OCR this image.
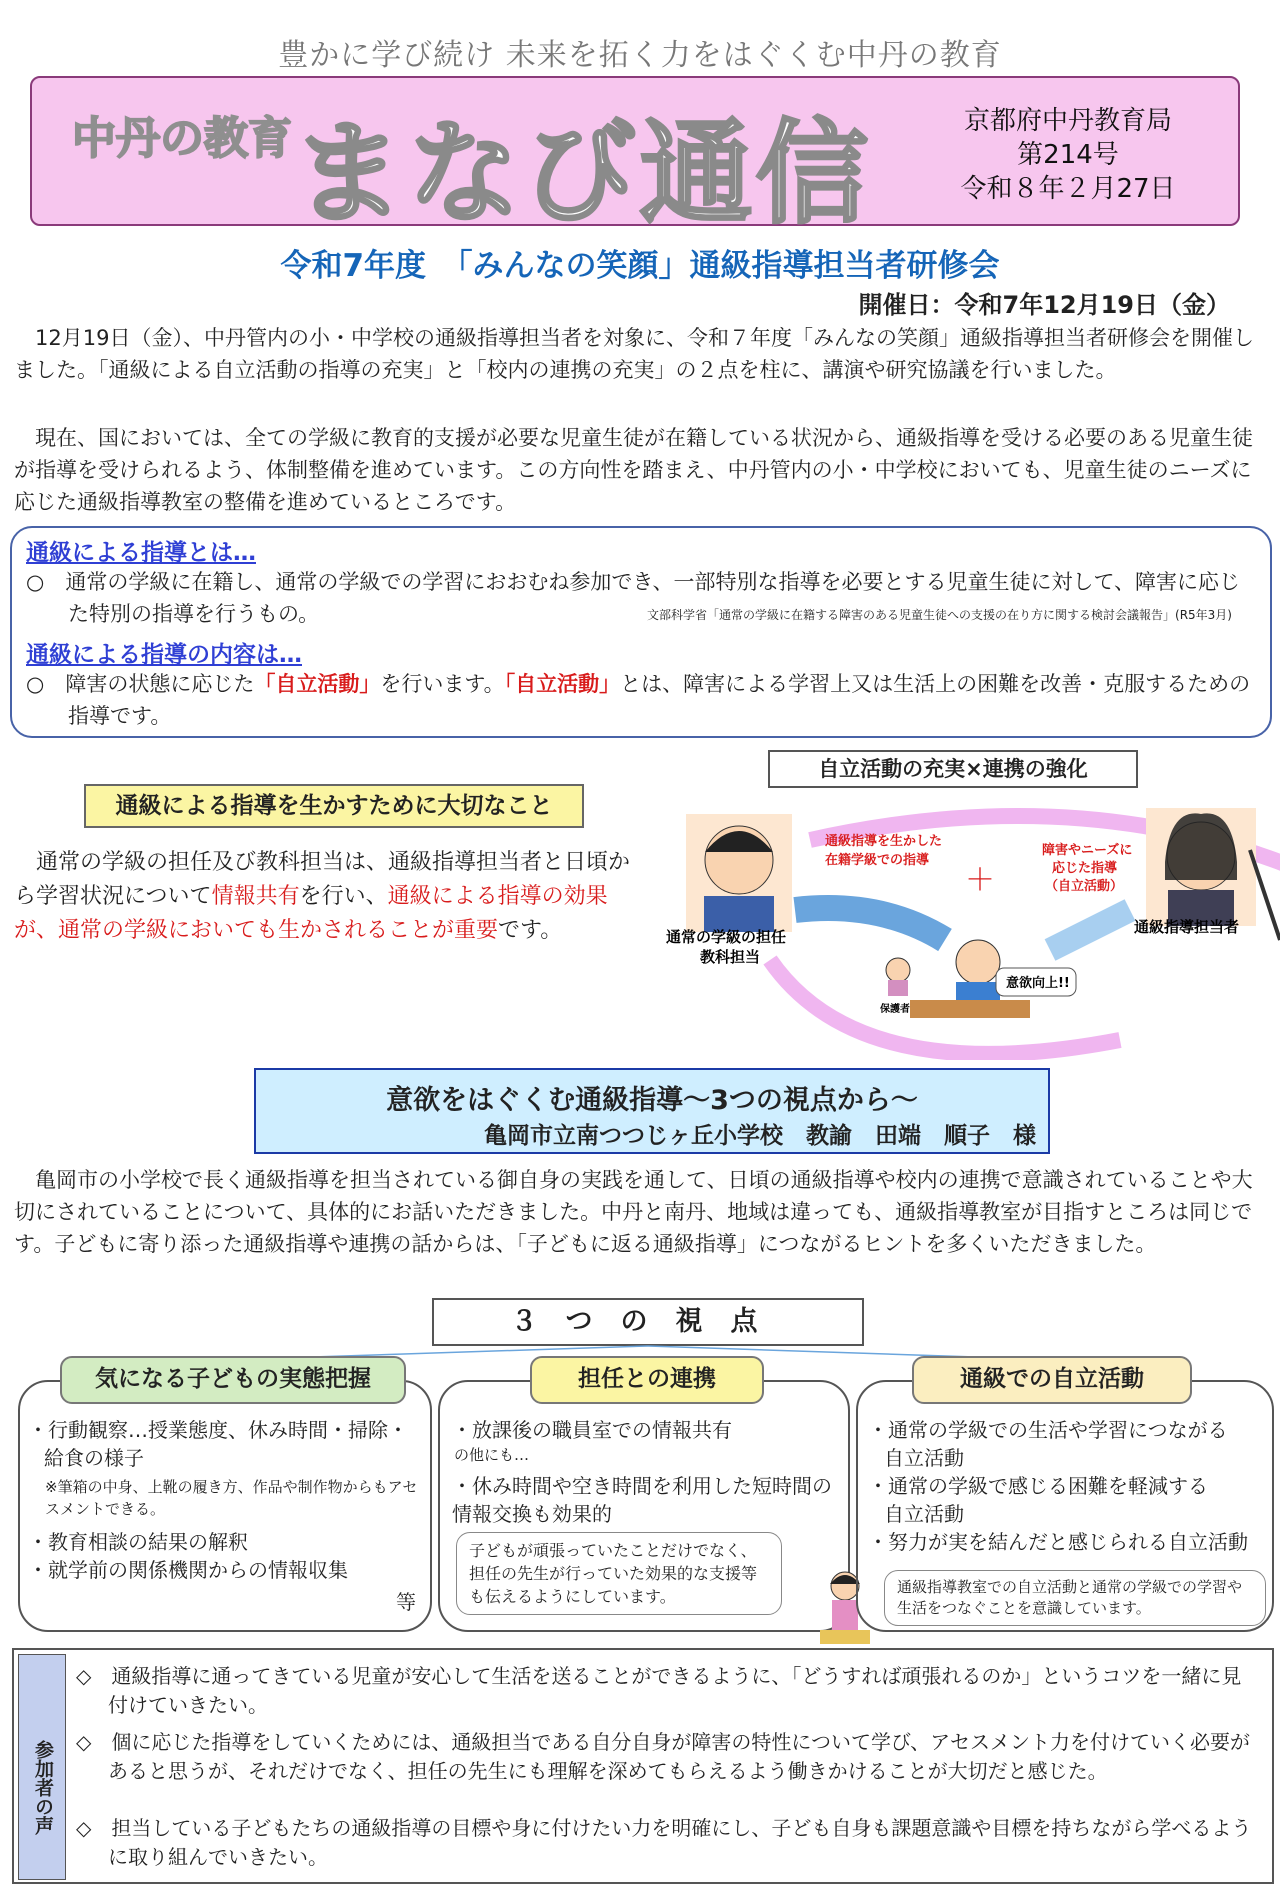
豊かに学び続け 未来を拓く力をはぐくむ中丹の教育
中丹の教育 まなび通信	京都府中丹教育局
第214号
令和８年２月27日
令和7年度　「みんなの笑顔」通級指導担当者研修会
開催日：令和7年12月19日（金）
12月19日（金）、中丹管内の小・中学校の通級指導担当者を対象に、令和７年度「みんなの笑顔」通級指導担当者研修会を開催しました。「通級による自立活動の指導の充実」と「校内の連携の充実」の２点を柱に、講演や研究協議を行いました。
現在、国においては、全ての学級に教育的支援が必要な児童生徒が在籍している状況から、通級指導を受ける必要のある児童生徒が指導を受けられるよう、体制整備を進めています。この方向性を踏まえ、中丹管内の小・中学校においても、児童生徒のニーズに応じた通級指導教室の整備を進めているところです。
通級による指導とは…
○　通常の学級に在籍し、通常の学級での学習におおむね参加でき、一部特別な指導を必要とする児童生徒に対して、障害に応じた特別の指導を行うもの。	文部科学省「通常の学級に在籍する障害のある児童生徒への支援の在り方に関する検討会議報告」(R5年3月)
通級による指導の内容は…
○　障害の状態に応じた「自立活動」を行います。「自立活動」とは、障害による学習上又は生活上の困難を改善・克服するための指導です。
通級による指導を生かすために大切なこと
通常の学級の担任及び教科担当は、通級指導担当者と日頃から学習状況について情報共有を行い、通級による指導の効果が、通常の学級においても生かされることが重要です。
自立活動の充実×連携の強化
通級指導を生かした
在籍学級での指導
＋
障害やニーズに
応じた指導
（自立活動）
通常の学級の担任
教科担当
通級指導担当者
保護者
意欲向上!!
意欲をはぐくむ通級指導～3つの視点から～
亀岡市立南つつじヶ丘小学校　教諭　田端　順子　様
亀岡市の小学校で長く通級指導を担当されている御自身の実践を通して、日頃の通級指導や校内の連携で意識されていることや大切にされていることについて、具体的にお話いただきました。中丹と南丹、地域は違っても、通級指導教室が目指すところは同じです。子どもに寄り添った通級指導や連携の話からは、「子どもに返る通級指導」につながるヒントを多くいただきました。
３つの視点
・行動観察…授業態度、休み時間・掃除・
給食の様子
※筆箱の中身、上靴の履き方、作品や制作物からもアセスメントできる。
・教育相談の結果の解釈
・就学前の関係機関からの情報収集
等
気になる子どもの実態把握
・放課後の職員室での情報共有
の他にも…
・休み時間や空き時間を利用した短時間の情報交換も効果的
子どもが頑張っていたことだけでなく、担任の先生が行っていた効果的な支援等も伝えるようにしています。
担任との連携
・通常の学級での生活や学習につながる
自立活動
・通常の学級で感じる困難を軽減する
自立活動
・努力が実を結んだと感じられる自立活動
通級指導教室での自立活動と通常の学級での学習や生活をつなぐことを意識しています。
通級での自立活動
参加者の声
◇　通級指導に通ってきている児童が安心して生活を送ることができるように、「どうすれば頑張れるのか」というコツを一緒に見付けていきたい。
◇　個に応じた指導をしていくためには、通級担当である自分自身が障害の特性について学び、アセスメント力を付けていく必要があると思うが、それだけでなく、担任の先生にも理解を深めてもらえるよう働きかけることが大切だと感じた。
◇　担当している子どもたちの通級指導の目標や身に付けたい力を明確にし、子ども自身も課題意識や目標を持ちながら学べるように取り組んでいきたい。
